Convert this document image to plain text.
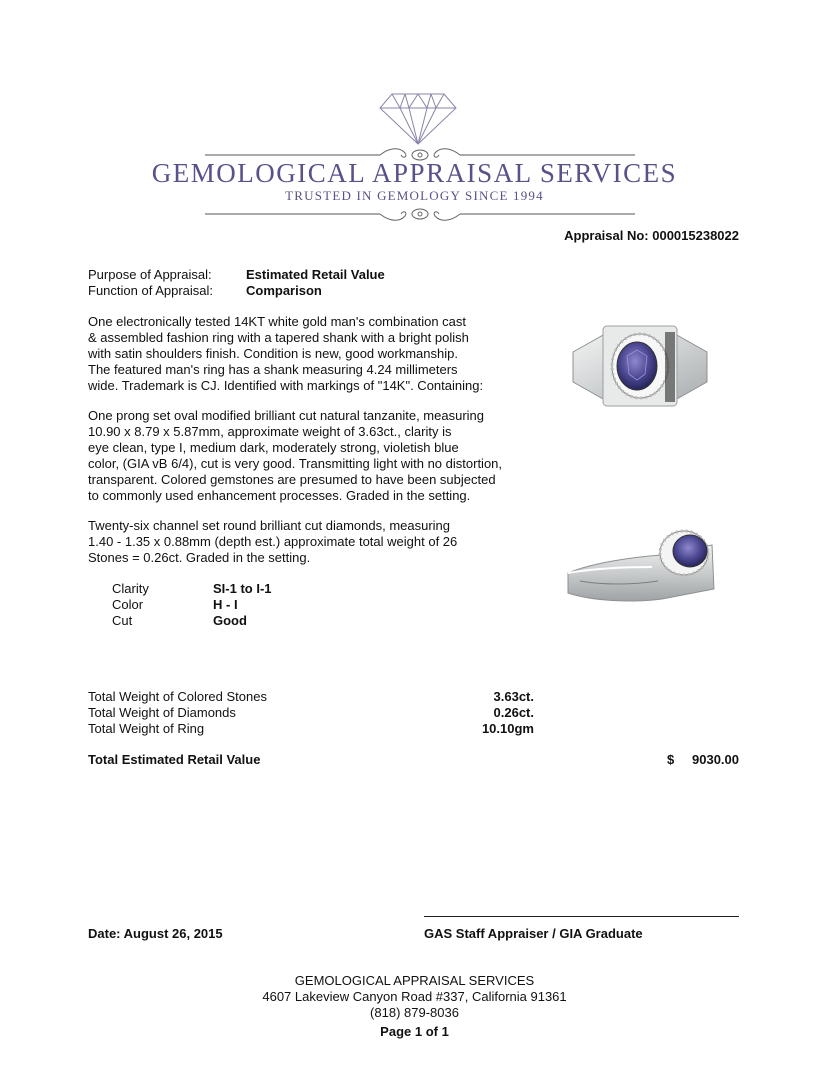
GEMOLOGICAL APPRAISAL SERVICES
TRUSTED IN GEMOLOGY SINCE 1994
Appraisal No: 000015238022
Purpose of Appraisal:	Estimated Retail Value
Function of Appraisal:	Comparison
One electronically tested 14KT white gold man's combination cast
& assembled fashion ring with a tapered shank with a bright polish
with satin shoulders finish. Condition is new, good workmanship.
The featured man's ring has a shank measuring 4.24 millimeters
wide. Trademark is CJ. Identified with markings of "14K". Containing:
One prong set oval modified brilliant cut natural tanzanite, measuring
10.90 x 8.79 x 5.87mm, approximate weight of 3.63ct., clarity is
eye clean, type I, medium dark, moderately strong, violetish blue
color, (GIA vB 6/4), cut is very good. Transmitting light with no distortion,
transparent. Colored gemstones are presumed to have been subjected
to commonly used enhancement processes. Graded in the setting.
Twenty-six channel set round brilliant cut diamonds, measuring
1.40 - 1.35 x 0.88mm (depth est.) approximate total weight of 26
Stones = 0.26ct. Graded in the setting.
Clarity	SI-1 to I-1
Color	H - I
Cut	Good
Total Weight of Colored Stones	3.63ct.
Total Weight of Diamonds	0.26ct.
Total Weight of Ring	10.10gm
Total Estimated Retail Value	$	9030.00
Date: August 26, 2015	GAS Staff Appraiser / GIA Graduate
GEMOLOGICAL APPRAISAL SERVICES
4607 Lakeview Canyon Road #337, California 91361
(818) 879-8036
Page 1 of 1
